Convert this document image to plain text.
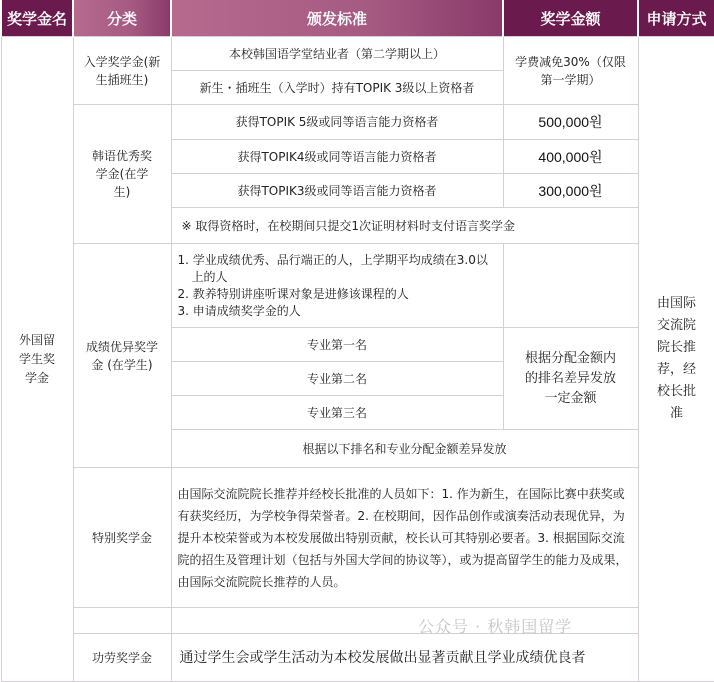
奖学金名	分类	颁发标准	奖学金额	申请方式
外国留学生奖学金	入学奖学金(新生插班生)	本校韩国语学堂结业者（第二学期以上）	学费减免30%（仅限第一学期）	由国际交流院院长推荐，经校长批准
		新生・插班生（入学时）持有TOPIK 3级以上资格者		
	韩语优秀奖学金(在学生)	获得TOPIK 5级或同等语言能力资格者	500,000원	
		获得TOPIK4级或同等语言能力资格者	400,000원	
		获得TOPIK3级或同等语言能力资格者	300,000원	
		※ 取得资格时，在校期间只提交1次证明材料时支付语言奖学金		
	成绩优异奖学金 (在学生)	1. 学业成绩优秀、品行端正的人，上学期平均成绩在3.0以上的人
2. 教养特别讲座听课对象是进修该课程的人
3. 申请成绩奖学金的人		

		专业第一名	根据分配金额内的排名差异发放一定金额	
		专业第二名		
		专业第三名		
		根据以下排名和专业分配金额差异发放		
	特别奖学金	由国际交流院院长推荐并经校长批准的人员如下：1. 作为新生，在国际比赛中获奖或有获奖经历，为学校争得荣誉者。2. 在校期间，因作品创作或演奏活动表现优异，为提升本校荣誉或为本校发展做出特别贡献，校长认可其特别必要者。3. 根据国际交流院的招生及管理计划（包括与外国大学间的协议等），或为提高留学生的能力及成果，由国际交流院院长推荐的人员。		

	功劳奖学金	通过学生会或学生活动为本校发展做出显著贡献且学业成绩优良者		
公众号 · 秋韩国留学
